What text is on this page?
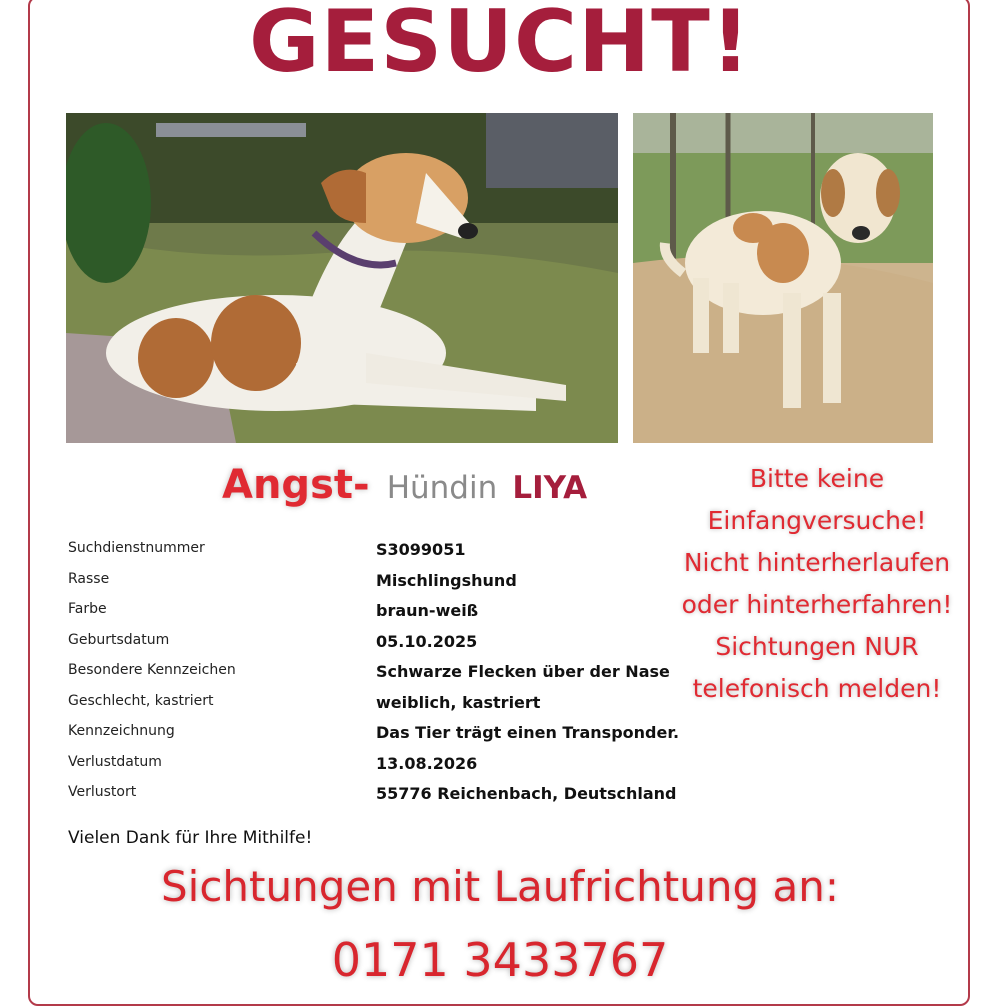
GESUCHT!
Angst- Hündin LIYA	Bitte keine
Einfangversuche!
Nicht hinterherlaufen
oder hinterherfahren!
Sichtungen NUR
telefonisch melden!
Suchdienstnummer	S3099051
Rasse	Mischlingshund
Farbe	braun-weiß
Geburtsdatum	05.10.2025
Besondere Kennzeichen	Schwarze Flecken über der Nase
Geschlecht, kastriert	weiblich, kastriert
Kennzeichnung	Das Tier trägt einen Transponder.
Verlustdatum	13.08.2026
Verlustort	55776 Reichenbach, Deutschland
Vielen Dank für Ihre Mithilfe!
Sichtungen mit Laufrichtung an:
0171 3433767
